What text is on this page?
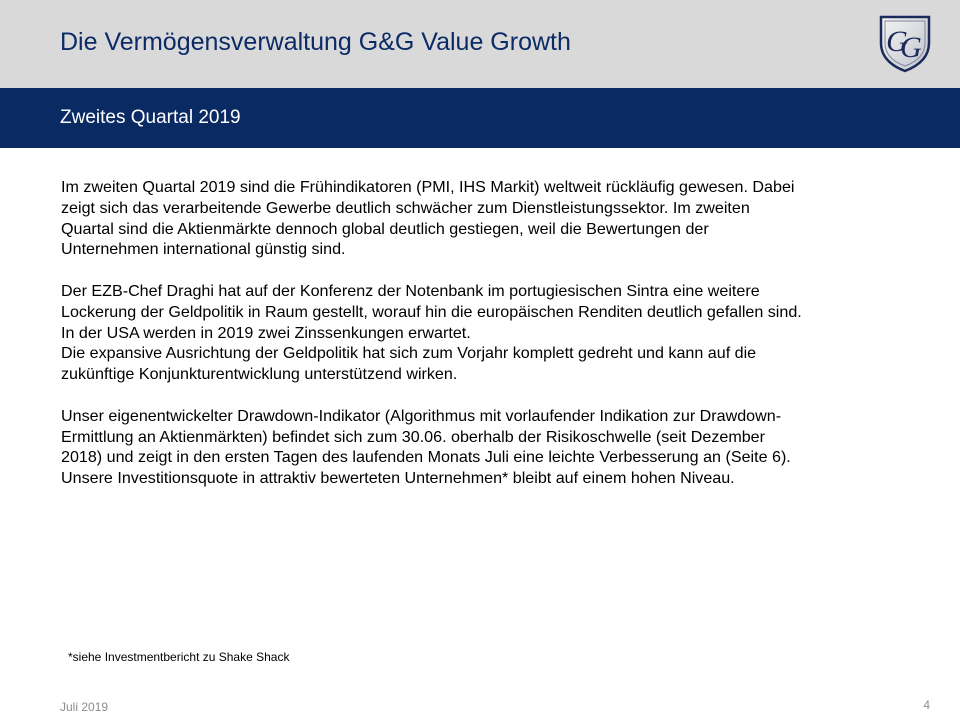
Die Vermögensverwaltung G&G Value Growth	G
G
Zweites Quartal 2019

Im zweiten Quartal 2019 sind die Frühindikatoren (PMI, IHS Markit) weltweit rückläufig gewesen. Dabei
zeigt sich das verarbeitende Gewerbe deutlich schwächer zum Dienstleistungssektor. Im zweiten
Quartal sind die Aktienmärkte dennoch global deutlich gestiegen, weil die Bewertungen der
Unternehmen international günstig sind.

Der EZB-Chef Draghi hat auf der Konferenz der Notenbank im portugiesischen Sintra eine weitere
Lockerung der Geldpolitik in Raum gestellt, worauf hin die europäischen Renditen deutlich gefallen sind.
In der USA werden in 2019 zwei Zinssenkungen erwartet.
Die expansive Ausrichtung der Geldpolitik hat sich zum Vorjahr komplett gedreht und kann auf die
zukünftige Konjunkturentwicklung unterstützend wirken.

Unser eigenentwickelter Drawdown-Indikator (Algorithmus mit vorlaufender Indikation zur Drawdown-
Ermittlung an Aktienmärkten) befindet sich zum 30.06. oberhalb der Risikoschwelle (seit Dezember
2018) und zeigt in den ersten Tagen des laufenden Monats Juli eine leichte Verbesserung an (Seite 6).
Unsere Investitionsquote in attraktiv bewerteten Unternehmen* bleibt auf einem hohen Niveau.

*siehe Investmentbericht zu Shake Shack
Juli 2019	4
